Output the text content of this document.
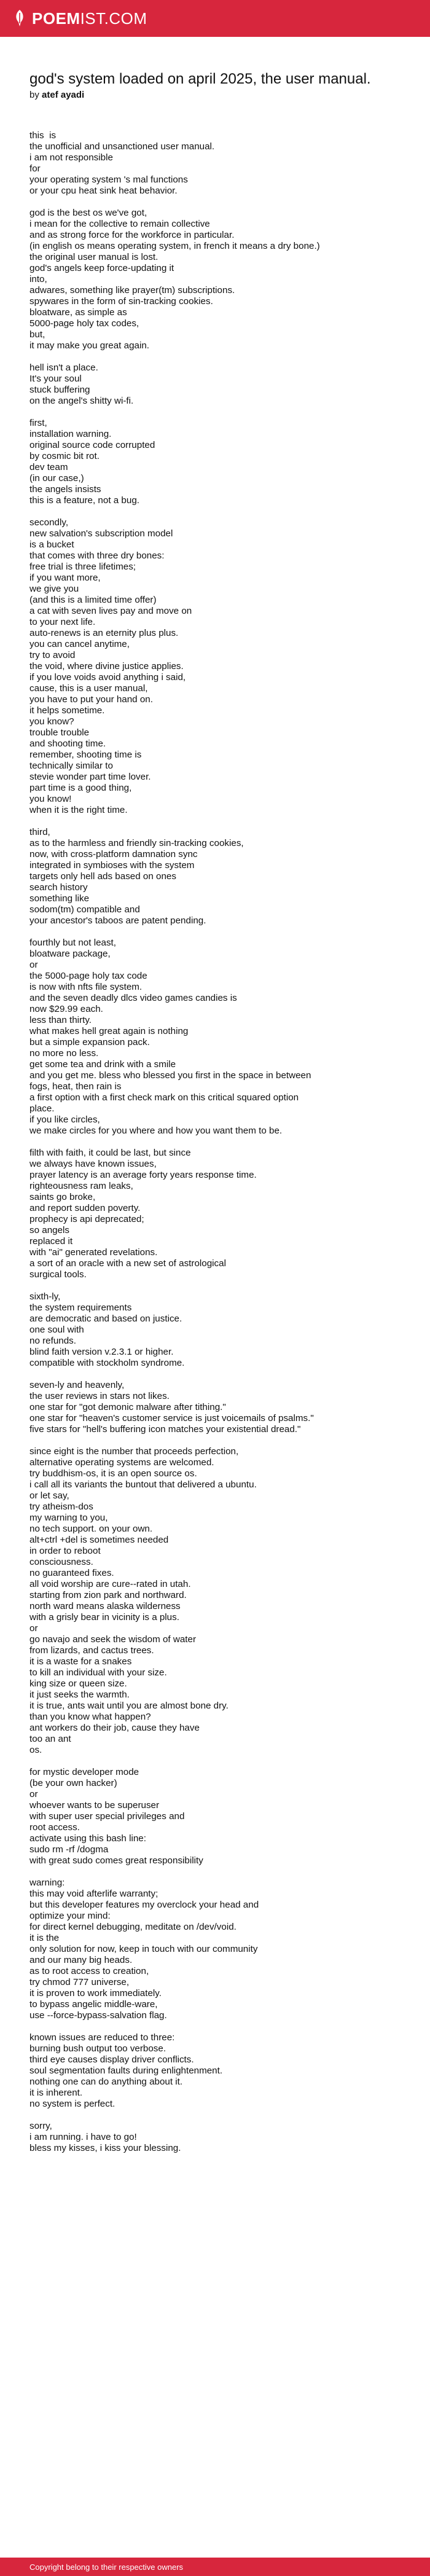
POEMIST.COM
god's system loaded on april 2025, the user manual.
by atef ayadi
this  is
the unofficial and unsanctioned user manual.
i am not responsible
for
your operating system 's mal functions
or your cpu heat sink heat behavior.
god is the best os we've got,
i mean for the collective to remain collective
and as strong force for the workforce in particular.
(in english os means operating system, in french it means a dry bone.)
the original user manual is lost.
god's angels keep force-updating it
into,
adwares, something like prayer(tm) subscriptions.
spywares in the form of sin-tracking cookies.
bloatware, as simple as
5000-page holy tax codes,
but,
it may make you great again.
hell isn't a place.
It's your soul
stuck buffering
on the angel's shitty wi-fi.
first,
installation warning.
original source code corrupted
by cosmic bit rot.
dev team
(in our case,)
the angels insists
this is a feature, not a bug.
secondly,
new salvation's subscription model
is a bucket
that comes with three dry bones:
free trial is three lifetimes;
if you want more,
we give you
(and this is a limited time offer)
a cat with seven lives pay and move on
to your next life.
auto-renews is an eternity plus plus.
you can cancel anytime,
try to avoid
the void, where divine justice applies.
if you love voids avoid anything i said,
cause, this is a user manual,
you have to put your hand on.
it helps sometime.
you know?
trouble trouble
and shooting time.
remember, shooting time is
technically similar to
stevie wonder part time lover.
part time is a good thing,
you know!
when it is the right time.
third,
as to the harmless and friendly sin-tracking cookies,
now, with cross-platform damnation sync
integrated in symbioses with the system
targets only hell ads based on ones
search history
something like
sodom(tm) compatible and
your ancestor's taboos are patent pending.
fourthly but not least,
bloatware package,
or
the 5000-page holy tax code
is now with nfts file system.
and the seven deadly dlcs video games candies is
now $29.99 each.
less than thirty.
what makes hell great again is nothing
but a simple expansion pack.
no more no less.
get some tea and drink with a smile
and you get me. bless who blessed you first in the space in between
fogs, heat, then rain is
a first option with a first check mark on this critical squared option
place.
if you like circles,
we make circles for you where and how you want them to be.
filth with faith, it could be last, but since
we always have known issues,
prayer latency is an average forty years response time.
righteousness ram leaks,
saints go broke,
and report sudden poverty.
prophecy is api deprecated;
so angels
replaced it
with "ai" generated revelations.
a sort of an oracle with a new set of astrological
surgical tools.
sixth-ly,
the system requirements
are democratic and based on justice.
one soul with
no refunds.
blind faith version v.2.3.1 or higher.
compatible with stockholm syndrome.
seven-ly and heavenly,
the user reviews in stars not likes.
one star for "got demonic malware after tithing."
one star for "heaven's customer service is just voicemails of psalms."
five stars for "hell's buffering icon matches your existential dread."
since eight is the number that proceeds perfection,
alternative operating systems are welcomed.
try buddhism-os, it is an open source os.
i call all its variants the buntout that delivered a ubuntu.
or let say,
try atheism-dos
my warning to you,
no tech support. on your own.
alt+ctrl +del is sometimes needed
in order to reboot
consciousness.
no guaranteed fixes.
all void worship are cure--rated in utah.
starting from zion park and northward.
north ward means alaska wilderness
with a grisly bear in vicinity is a plus.
or
go navajo and seek the wisdom of water
from lizards, and cactus trees.
it is a waste for a snakes
to kill an individual with your size.
king size or queen size.
it just seeks the warmth.
it is true, ants wait until you are almost bone dry.
than you know what happen?
ant workers do their job, cause they have
too an ant
os.
for mystic developer mode
(be your own hacker)
or
whoever wants to be superuser
with super user special privileges and
root access.
activate using this bash line:
sudo rm -rf /dogma
with great sudo comes great responsibility
warning:
this may void afterlife warranty;
but this developer features my overclock your head and
optimize your mind:
for direct kernel debugging, meditate on /dev/void.
it is the
only solution for now, keep in touch with our community
and our many big heads.
as to root access to creation,
try chmod 777 universe,
it is proven to work immediately.
to bypass angelic middle-ware,
use --force-bypass-salvation flag.
known issues are reduced to three:
burning bush output too verbose.
third eye causes display driver conflicts.
soul segmentation faults during enlightenment.
nothing one can do anything about it.
it is inherent.
no system is perfect.
sorry,
i am running. i have to go!
bless my kisses, i kiss your blessing.
Copyright belong to their respective owners
